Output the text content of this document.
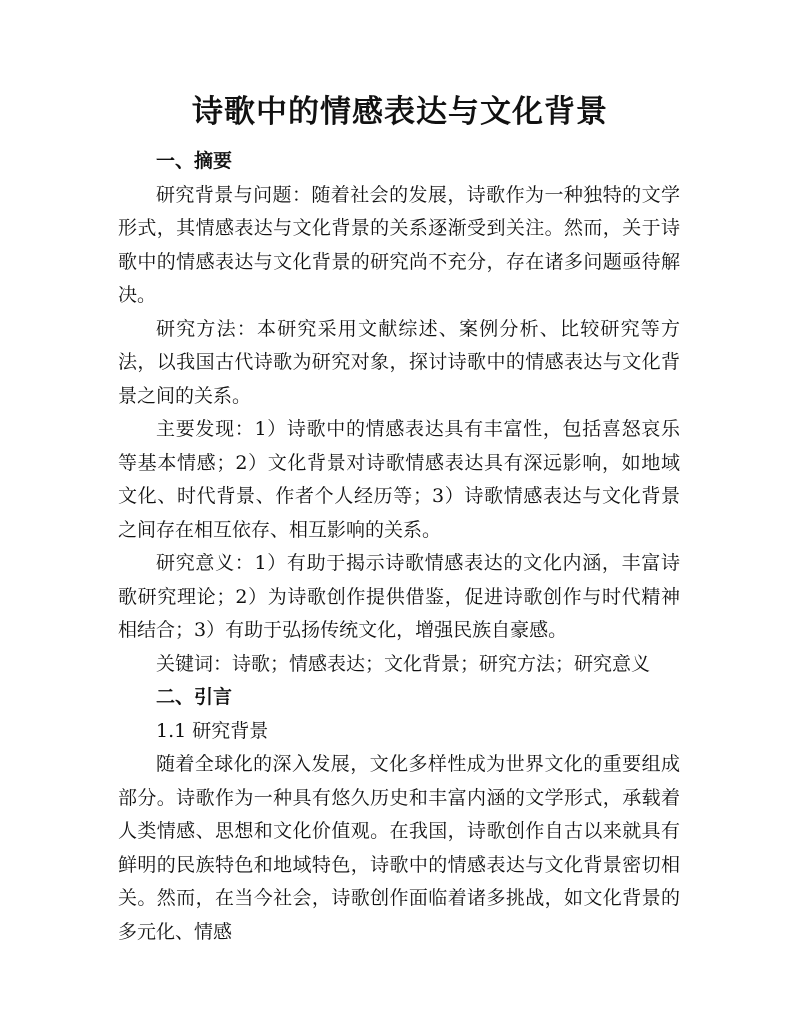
诗歌中的情感表达与文化背景
一、摘要

研究背景与问题：随着社会的发展，诗歌作为一种独特的文学形式，其情感表达与文化背景的关系逐渐受到关注。然而，关于诗歌中的情感表达与文化背景的研究尚不充分，存在诸多问题亟待解决。

研究方法：本研究采用文献综述、案例分析、比较研究等方法，以我国古代诗歌为研究对象，探讨诗歌中的情感表达与文化背景之间的关系。

主要发现：1）诗歌中的情感表达具有丰富性，包括喜怒哀乐等基本情感；2）文化背景对诗歌情感表达具有深远影响，如地域文化、时代背景、作者个人经历等；3）诗歌情感表达与文化背景之间存在相互依存、相互影响的关系。

研究意义：1）有助于揭示诗歌情感表达的文化内涵，丰富诗歌研究理论；2）为诗歌创作提供借鉴，促进诗歌创作与时代精神相结合；3）有助于弘扬传统文化，增强民族自豪感。

关键词：诗歌；情感表达；文化背景；研究方法；研究意义

二、引言

1.1 研究背景

随着全球化的深入发展，文化多样性成为世界文化的重要组成部分。诗歌作为一种具有悠久历史和丰富内涵的文学形式，承载着人类情感、思想和文化价值观。在我国，诗歌创作自古以来就具有鲜明的民族特色和地域特色，诗歌中的情感表达与文化背景密切相关。然而，在当今社会，诗歌创作面临着诸多挑战，如文化背景的多元化、情感
